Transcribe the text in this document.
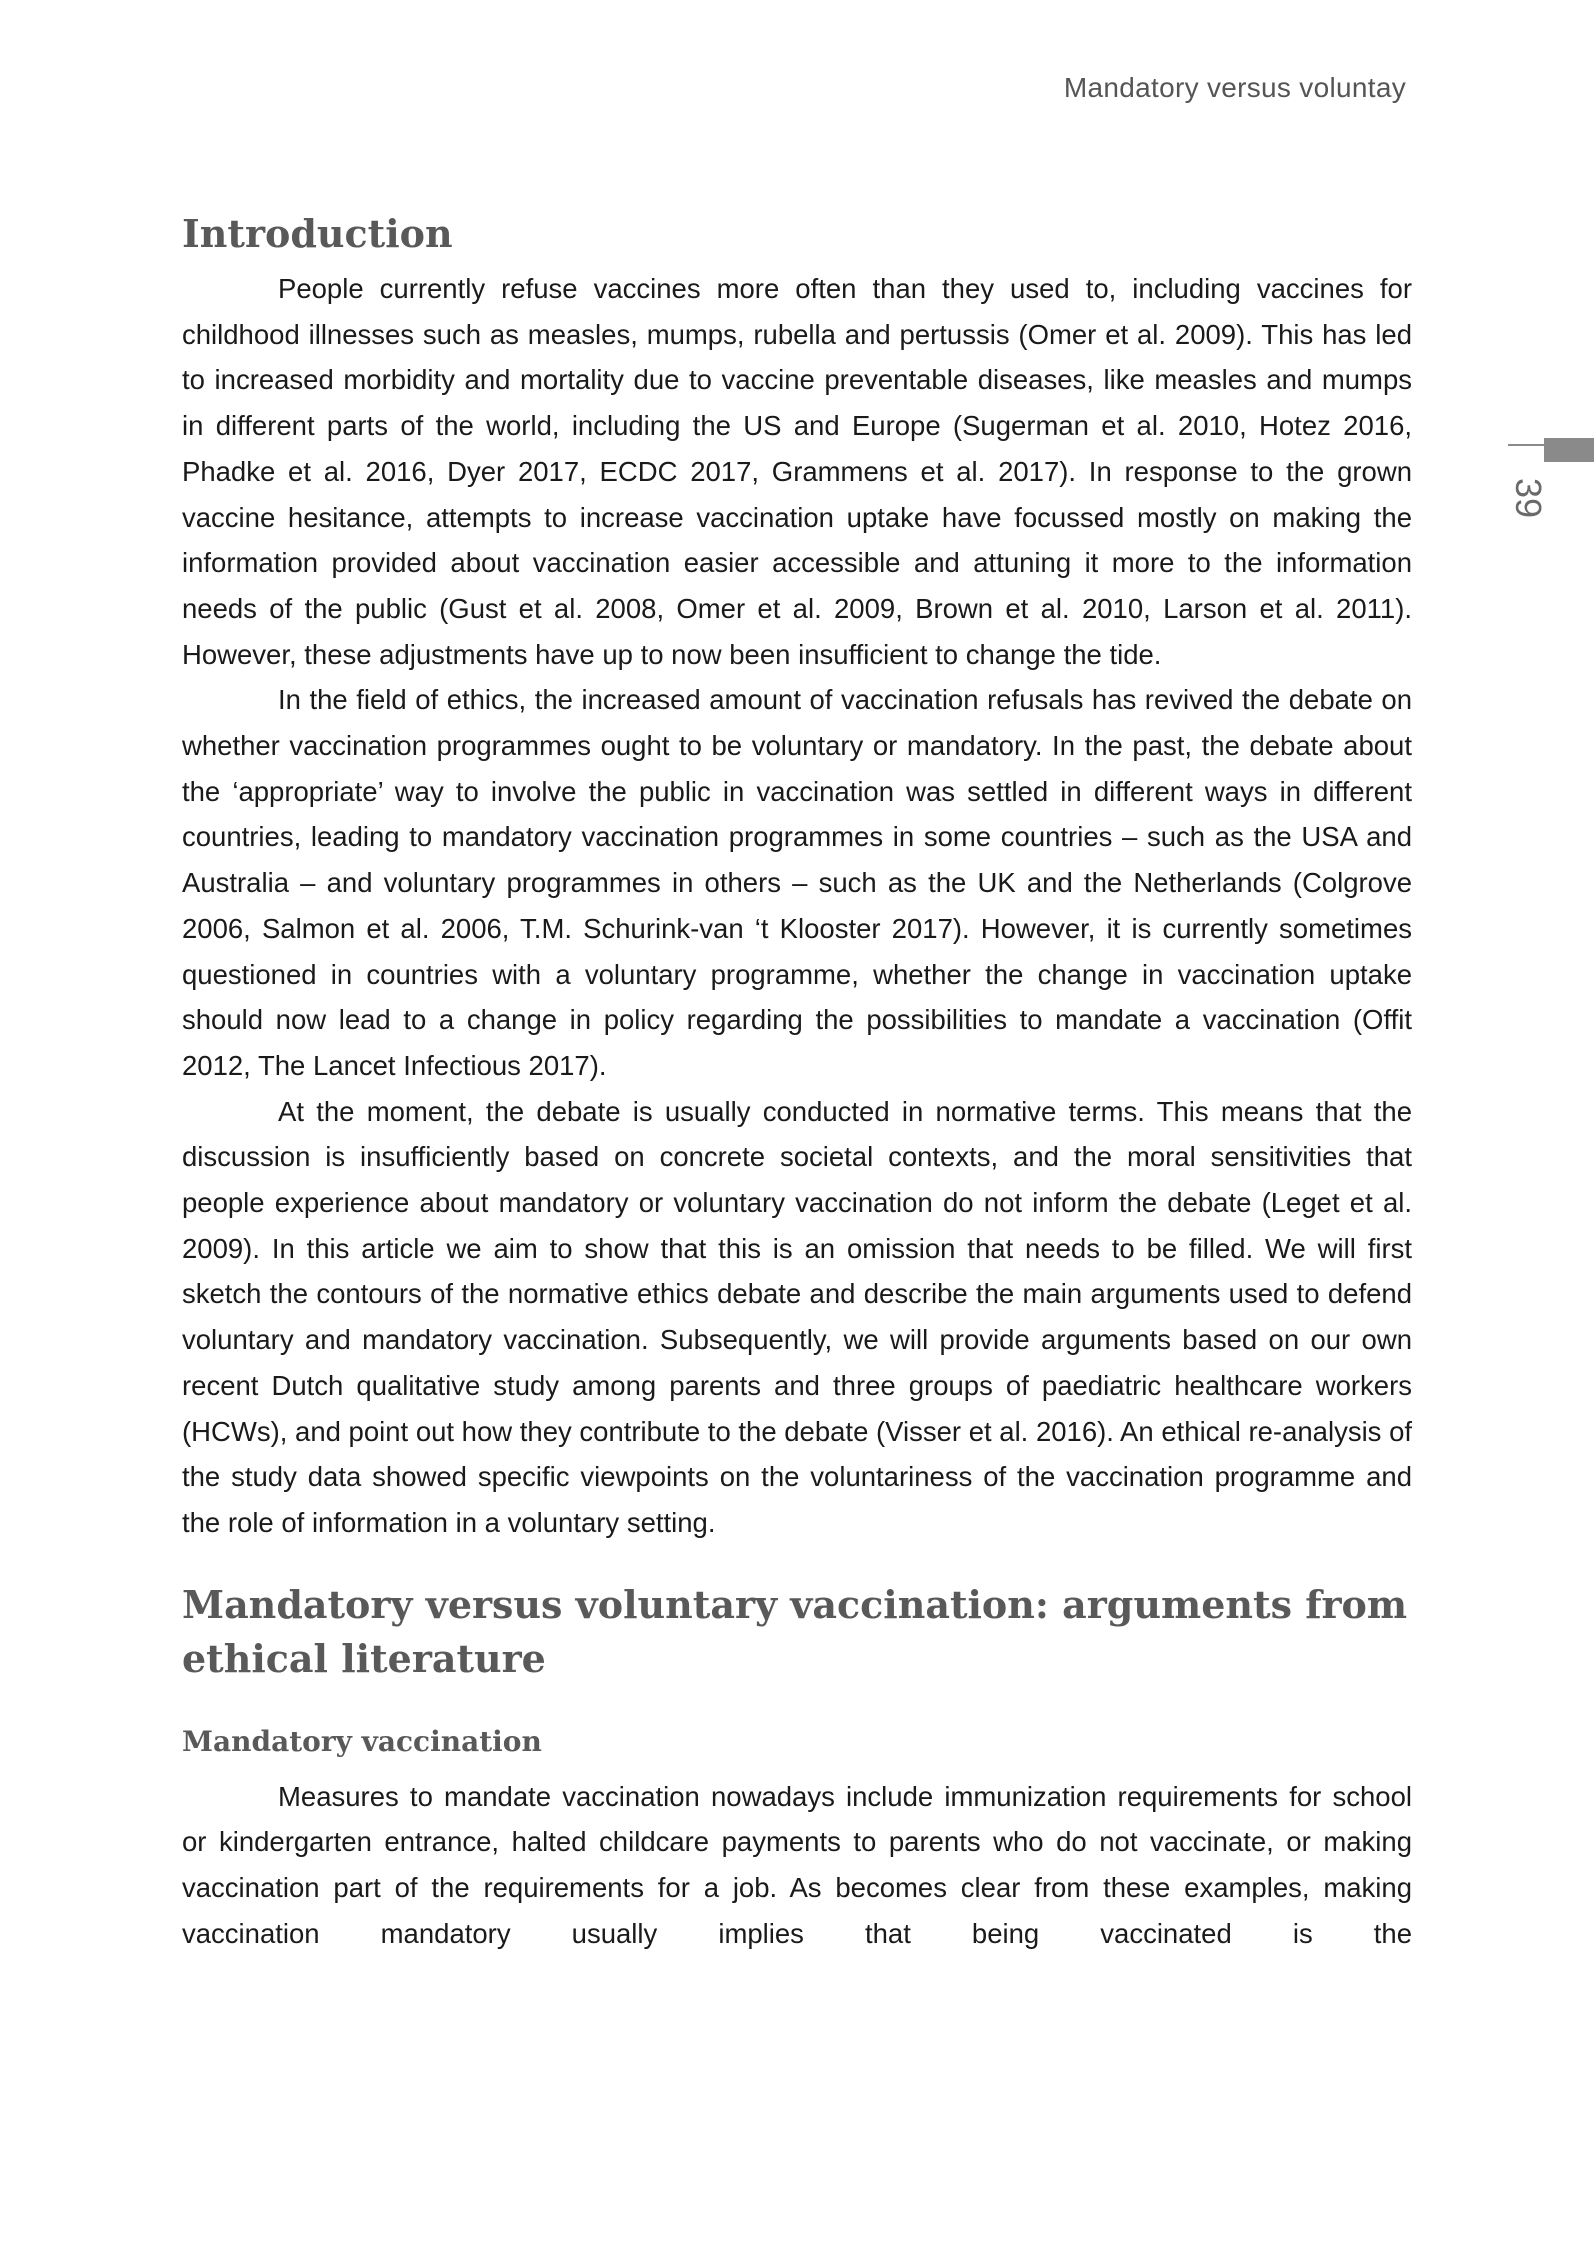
Mandatory versus voluntay
39
Introduction

People currently refuse vaccines more often than they used to, including vaccines for childhood illnesses such as measles, mumps, rubella and pertussis (Omer et al. 2009). This has led to increased morbidity and mortality due to vaccine preventable diseases, like measles and mumps in different parts of the world, including the US and Europe (Sugerman et al. 2010, Hotez 2016, Phadke et al. 2016, Dyer 2017, ECDC 2017, Grammens et al. 2017). In response to the grown vaccine hesitance, attempts to increase vaccination uptake have focussed mostly on making the information provided about vaccination easier accessible and attuning it more to the information needs of the public (Gust et al. 2008, Omer et al. 2009, Brown et al. 2010, Larson et al. 2011). However, these adjustments have up to now been insufficient to change the tide.

In the field of ethics, the increased amount of vaccination refusals has revived the debate on whether vaccination programmes ought to be voluntary or mandatory. In the past, the debate about the ‘appropriate’ way to involve the public in vaccination was settled in different ways in different countries, leading to mandatory vaccination programmes in some countries – such as the USA and Australia – and voluntary programmes in others – such as the UK and the Netherlands (Colgrove 2006, Salmon et al. 2006, T.M. Schurink-van ‘t Klooster 2017). However, it is currently sometimes questioned in countries with a voluntary programme, whether the change in vaccination uptake should now lead to a change in policy regarding the possibilities to mandate a vaccination (Offit 2012, The Lancet Infectious 2017).

At the moment, the debate is usually conducted in normative terms. This means that the discussion is insufficiently based on concrete societal contexts, and the moral sensitivities that people experience about mandatory or voluntary vaccination do not inform the debate (Leget et al. 2009). In this article we aim to show that this is an omission that needs to be filled. We will first sketch the contours of the normative ethics debate and describe the main arguments used to defend voluntary and mandatory vaccination. Subsequently, we will provide arguments based on our own recent Dutch qualitative study among parents and three groups of paediatric healthcare workers (HCWs), and point out how they contribute to the debate (Visser et al. 2016). An ethical re-analysis of the study data showed specific viewpoints on the voluntariness of the vaccination programme and the role of information in a voluntary setting.

Mandatory versus voluntary vaccination: arguments from ethical literature
Mandatory vaccination

Measures to mandate vaccination nowadays include immunization requirements for school or kindergarten entrance, halted childcare payments to parents who do not vaccinate, or making vaccination part of the requirements for a job. As becomes clear from these examples, making vaccination mandatory usually implies that being vaccinated is the
